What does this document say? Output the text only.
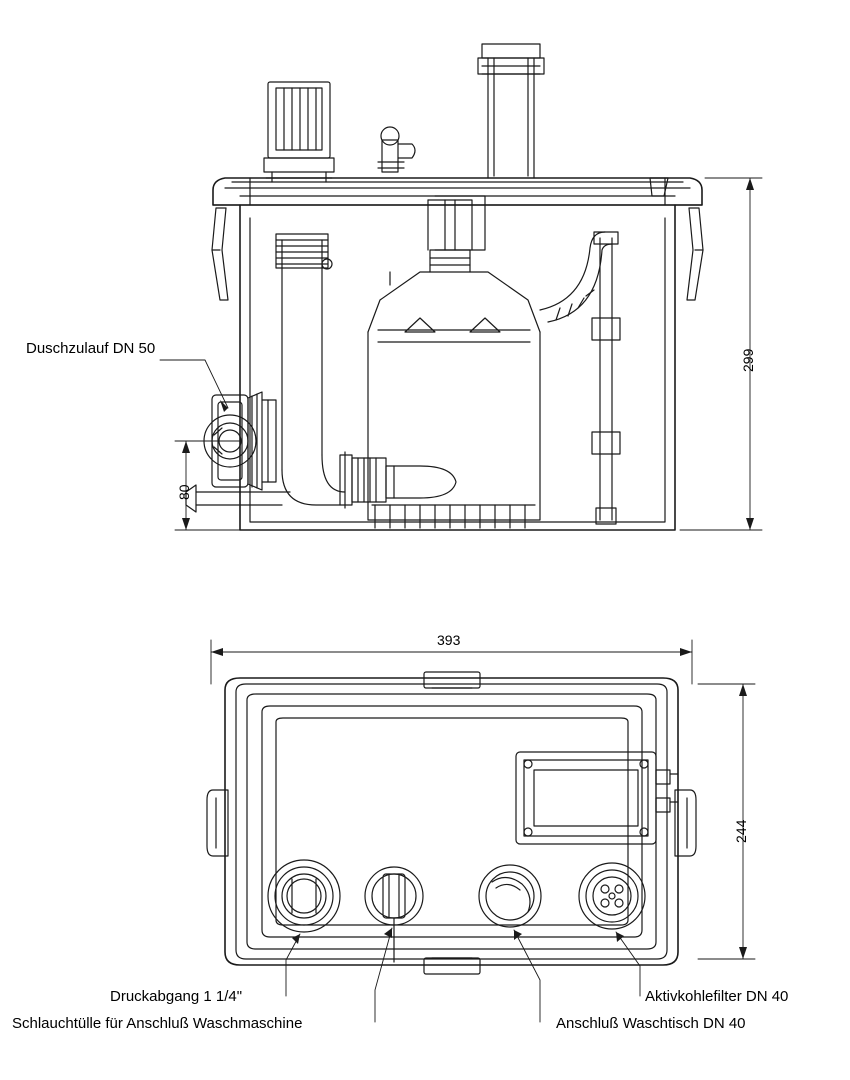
Duschzulauf DN 50
299
80
393
244
Druckabgang 1 1/4"
Schlauchtülle für Anschluß Waschmaschine
Aktivkohlefilter DN 40
Anschluß Waschtisch DN 40
